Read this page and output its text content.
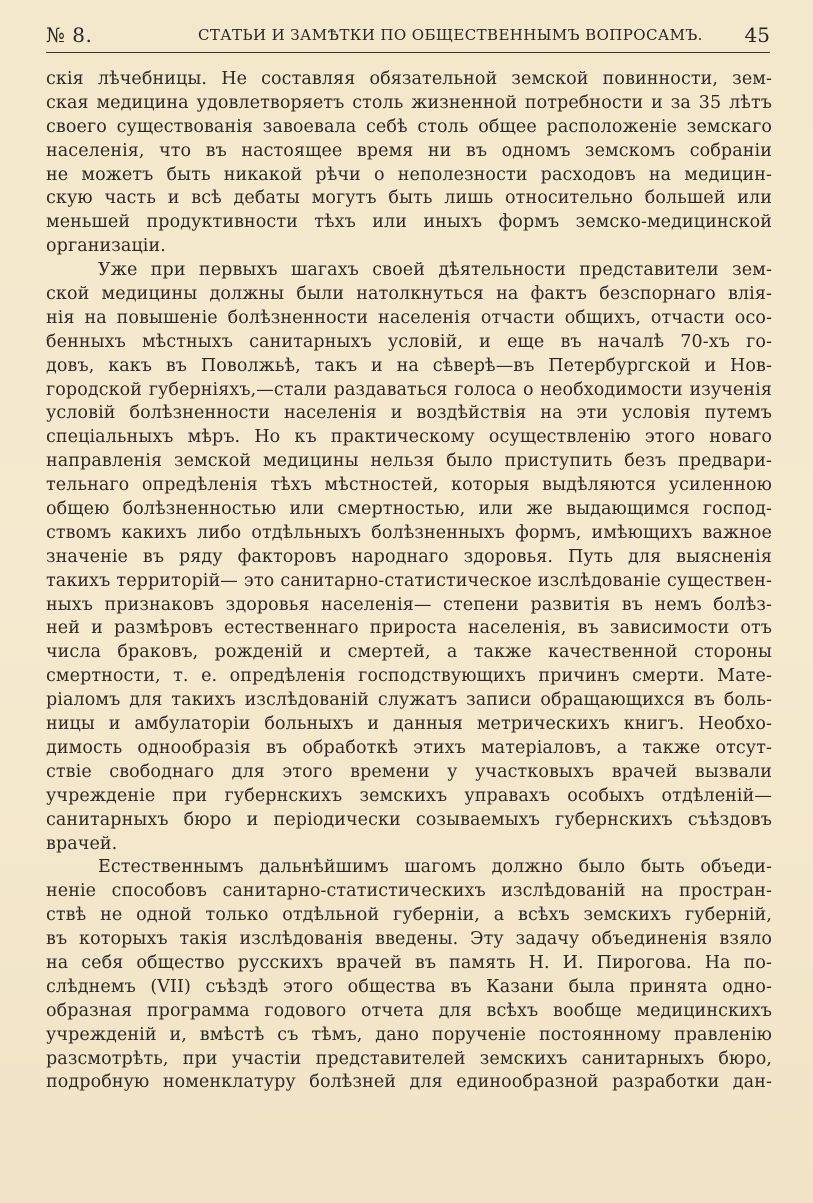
№ 8.	СТАТЬИ И ЗАМѢТКИ ПО ОБЩЕСТВЕННЫМЪ ВОПРОСАМЪ. 45
скія лѣчебницы. Не составляя обязательной земской повинности, зем-
ская медицина удовлетворяетъ столь жизненной потребности и за 35 лѣтъ
своего существованія завоевала себѣ столь общее расположеніе земскаго
населенія, что въ настоящее время ни въ одномъ земскомъ собраніи
не можетъ быть никакой рѣчи о неполезности расходовъ на медицин-
скую часть и всѣ дебаты могутъ быть лишь относительно большей или
меньшей продуктивности тѣхъ или иныхъ формъ земско-медицинской
организаціи.
Уже при первыхъ шагахъ своей дѣятельности представители зем-
ской медицины должны были натолкнуться на фактъ безспорнаго влія-
нія на повышеніе болѣзненности населенія отчасти общихъ, отчасти осо-
бенныхъ мѣстныхъ санитарныхъ условій, и еще въ началѣ 70-хъ го-
довъ, какъ въ Поволжьѣ, такъ и на сѣверѣ—въ Петербургской и Нов-
городской губерніяхъ,—стали раздаваться голоса о необходимости изученія
условій болѣзненности населенія и воздѣйствія на эти условія путемъ
спеціальныхъ мѣръ. Но къ практическому осуществленію этого новаго
направленія земской медицины нельзя было приступить безъ предвари-
тельнаго опредѣленія тѣхъ мѣстностей, которыя выдѣляются усиленною
общею болѣзненностью или смертностью, или же выдающимся господ-
ствомъ какихъ либо отдѣльныхъ болѣзненныхъ формъ, имѣющихъ важное
значеніе въ ряду факторовъ народнаго здоровья. Путь для выясненія
такихъ территорій— это санитарно-статистическое изслѣдованіе существен-
ныхъ признаковъ здоровья населенія— степени развитія въ немъ болѣз-
ней и размѣровъ естественнаго прироста населенія, въ зависимости отъ
числа браковъ, рожденій и смертей, а также качественной стороны
смертности, т. е. опредѣленія господствующихъ причинъ смерти. Мате-
ріаломъ для такихъ изслѣдованій служатъ записи обращающихся въ боль-
ницы и амбулаторіи больныхъ и данныя метрическихъ книгъ. Необхо-
димость однообразія въ обработкѣ этихъ матеріаловъ, а также отсут-
ствіе свободнаго для этого времени у участковыхъ врачей вызвали
учрежденіе при губернскихъ земскихъ управахъ особыхъ отдѣленій—
санитарныхъ бюро и періодически созываемыхъ губернскихъ съѣздовъ
врачей.
Естественнымъ дальнѣйшимъ шагомъ должно было быть объеди-
неніе способовъ санитарно-статистическихъ изслѣдованій на простран-
ствѣ не одной только отдѣльной губерніи, а всѣхъ земскихъ губерній,
въ которыхъ такія изслѣдованія введены. Эту задачу объединенія взяло
на себя общество русскихъ врачей въ память Н. И. Пирогова. На по-
слѣднемъ (VII) съѣздѣ этого общества въ Казани была принята одно-
образная программа годового отчета для всѣхъ вообще медицинскихъ
учрежденій и, вмѣстѣ съ тѣмъ, дано порученіе постоянному правленію
разсмотрѣть, при участіи представителей земскихъ санитарныхъ бюро,
подробную номенклатуру болѣзней для единообразной разработки дан-
